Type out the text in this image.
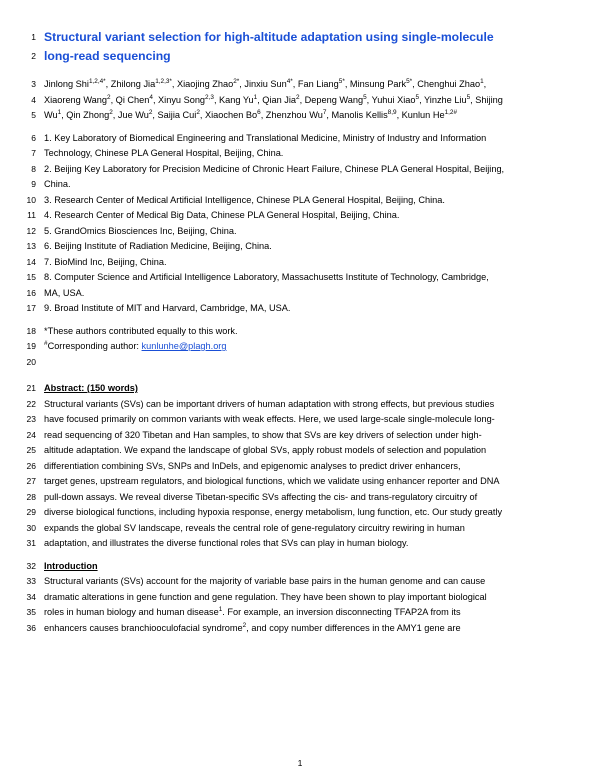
1 Structural variant selection for high-altitude adaptation using single-molecule
2 long-read sequencing
3 Jinlong Shi$^{1,2,4*}$, Zhilong Jia$^{1,2,3*}$, Xiaojing Zhao$^{2*}$, Jinxiu Sun$^{4*}$, Fan Liang$^{5*}$, Minsung Park$^{5*}$, Chenghui Zhao$^1$,
4 Xiaoreng Wang$^2$, Qi Chen$^4$, Xinyu Song$^{2,3}$, Kang Yu$^1$, Qian Jia$^2$, Depeng Wang$^5$, Yuhui Xiao$^5$, Yinzhe Liu$^5$, Shijing
5 Wu$^1$, Qin Zhong$^2$, Jue Wu$^2$, Saijia Cui$^2$, Xiaochen Bo$^6$, Zhenzhou Wu$^7$, Manolis Kellis$^{8,9}$, Kunlun $He^{1,2\#}$
6 1. Key Laboratory of Biomedical Engineering and Translational Medicine, Ministry of Industry and Information
7 Technology, Chinese PLA General Hospital, Beijing, China.
8 2. Beijing Key Laboratory for Precision Medicine of Chronic Heart Failure, Chinese PLA General Hospital, Beijing,
9 China.
10 3. Research Center of Medical Artificial Intelligence, Chinese PLA General Hospital, Beijing, China.
11 4. Research Center of Medical Big Data, Chinese PLA General Hospital, Beijing, China.
12 5. GrandOmics Biosciences Inc, Beijing, China.
13 6. Beijing Institute of Radiation Medicine, Beijing, China.
14 7. BioMind Inc, Beijing, China.
15 8. Computer Science and Artificial Intelligence Laboratory, Massachusetts Institute of Technology, Cambridge,
16 MA, USA.
17 9. Broad Institute of MIT and Harvard, Cambridge, MA, USA.
18 *These authors contributed equally to this work.
19	#Corresponding author: kunlunhe@plagh.org
20
21 Abstract: (150 words)
22 Structural variants (SVs) can be important drivers of human adaptation with strong effects, but previous studies
23 have focused primarily on common variants with weak effects. Here, we used large-scale single-molecule long-
24 read sequencing of 320 Tibetan and Han samples, to show that SVs are key drivers of selection under high-
25 altitude adaptation. We expand the landscape of global SVs, apply robust models of selection and population
26 differentiation combining SVs, SNPs and InDels, and epigenomic analyses to predict driver enhancers,
27 target genes, upstream regulators, and biological functions, which we validate using enhancer reporter and DNA
28 pull-down assays. We reveal diverse Tibetan-specific SVs affecting the cis- and trans-regulatory circuitry of
29 diverse biological functions, including hypoxia response, energy metabolism, lung function, etc. Our study greatly
30 expands the global SV landscape, reveals the central role of gene-regulatory circuitry rewiring in human
31 adaptation, and illustrates the diverse functional roles that SVs can play in human biology.
32 Introduction
33 Structural variants (SVs) account for the majority of variable base pairs in the human genome and can cause
34 dramatic alterations in gene function and gene regulation. They have been shown to play important biological
35 roles in human biology and human disease$^1$. For example, an inversion disconnecting TFAP2A from its
36 enhancers causes branchiooculofacial syndrome$^2$, and copy number differences in the AMY1 gene are
1
